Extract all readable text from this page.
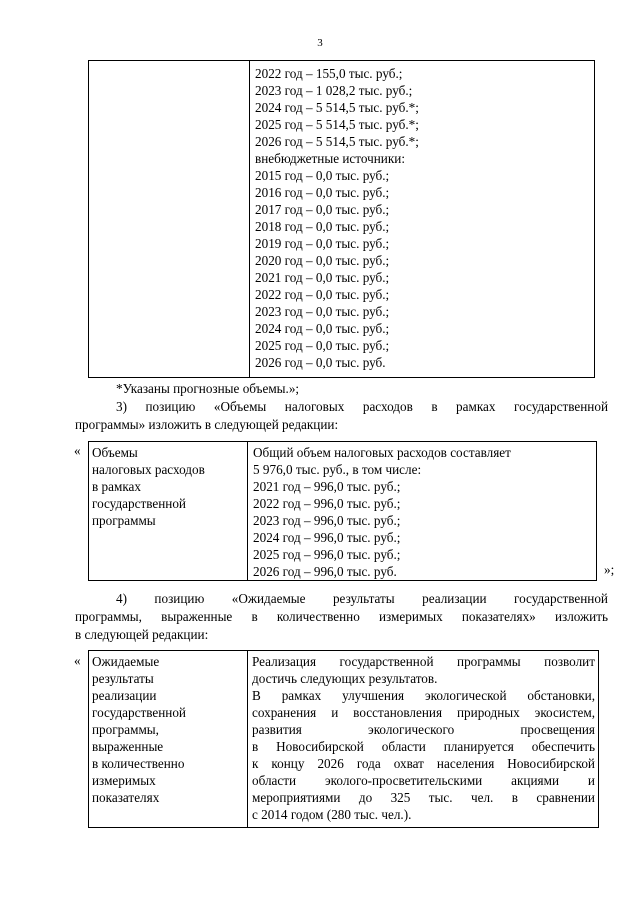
3
2022 год – 155,0 тыс. руб.;
2023 год – 1 028,2 тыс. руб.;
2024 год – 5 514,5 тыс. руб.*;
2025 год – 5 514,5 тыс. руб.*;
2026 год – 5 514,5 тыс. руб.*;
внебюджетные источники:
2015 год – 0,0 тыс. руб.;
2016 год – 0,0 тыс. руб.;
2017 год – 0,0 тыс. руб.;
2018 год – 0,0 тыс. руб.;
2019 год – 0,0 тыс. руб.;
2020 год – 0,0 тыс. руб.;
2021 год – 0,0 тыс. руб.;
2022 год – 0,0 тыс. руб.;
2023 год – 0,0 тыс. руб.;
2024 год – 0,0 тыс. руб.;
2025 год – 0,0 тыс. руб.;
2026 год – 0,0 тыс. руб.
*Указаны прогнозные объемы.»;
3) позицию «Объемы налоговых расходов в рамках государственной
программы» изложить в следующей редакции:
« Объемы
налоговых расходов
в рамках
государственной
программы
Общий объем налоговых расходов составляет
5 976,0 тыс. руб., в том числе:
2021 год – 996,0 тыс. руб.;
2022 год – 996,0 тыс. руб.;
2023 год – 996,0 тыс. руб.;
2024 год – 996,0 тыс. руб.;
2025 год – 996,0 тыс. руб.;
2026 год – 996,0 тыс. руб.	»;
4) позицию «Ожидаемые результаты реализации государственной
программы, выраженные в количественно измеримых показателях» изложить
в следующей редакции:
« Ожидаемые
результаты
реализации
государственной
программы,
выраженные
в количественно
измеримых
показателях
Реализация государственной программы позволит
достичь следующих результатов.
В рамках улучшения экологической обстановки,
сохранения и восстановления природных экосистем,
развития экологического просвещения
в Новосибирской области планируется обеспечить
к концу 2026 года охват населения Новосибирской
области эколого-просветительскими акциями и
мероприятиями до 325 тыс. чел. в сравнении
с 2014 годом (280 тыс. чел.).
